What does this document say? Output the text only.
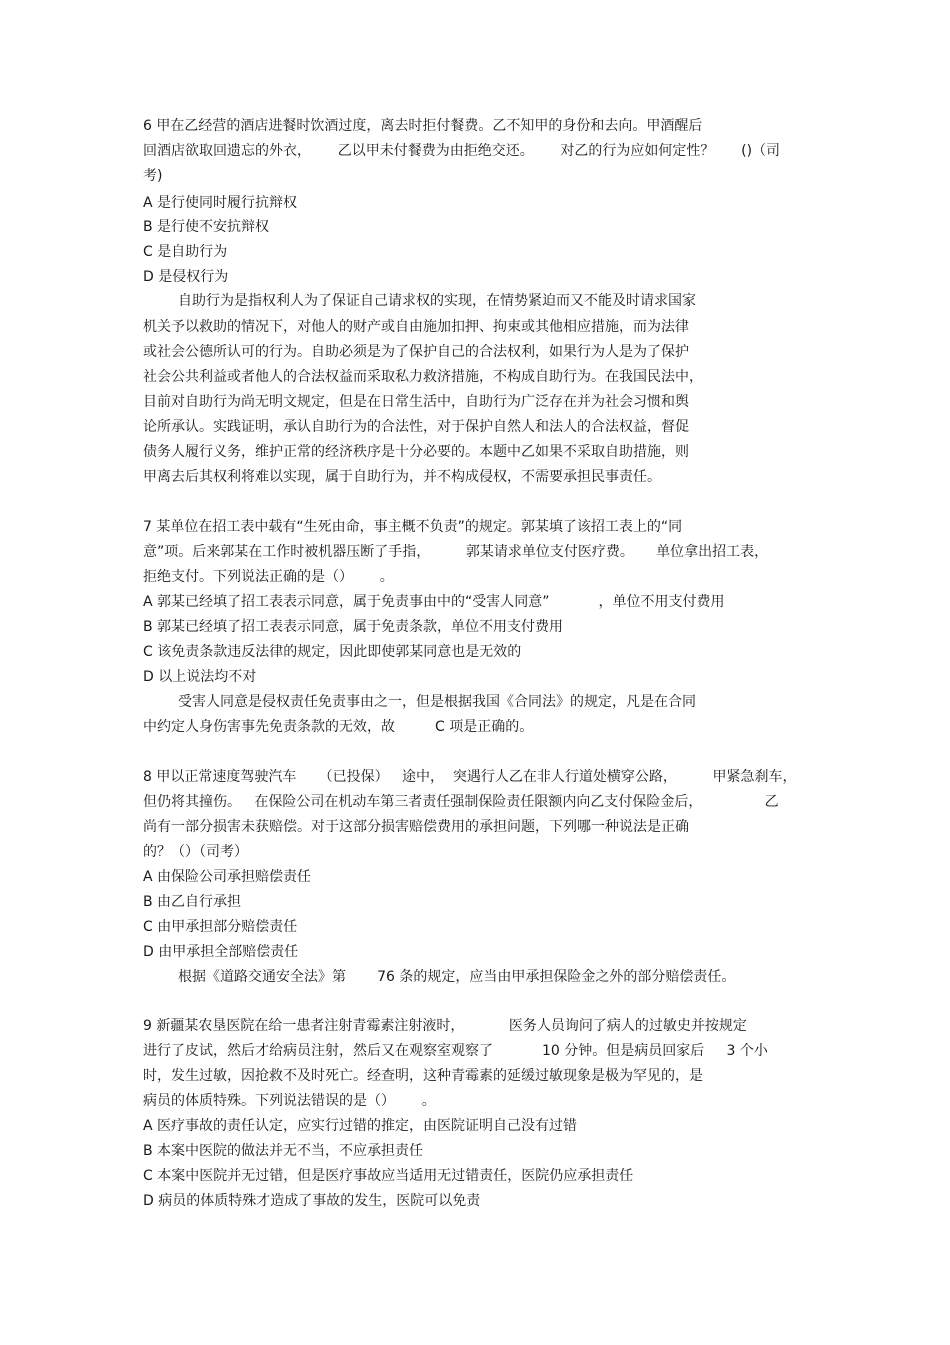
6 甲在乙经营的酒店进餐时饮酒过度，离去时拒付餐费。乙不知甲的身份和去向。甲酒醒后
回酒店欲取回遗忘的外衣，      乙以甲未付餐费为由拒绝交还。      对乙的行为应如何定性？      ()（司
考)
A 是行使同时履行抗辩权
B 是行使不安抗辩权
C 是自助行为
D 是侵权行为
自助行为是指权利人为了保证自己请求权的实现，在情势紧迫而又不能及时请求国家
机关予以救助的情况下，对他人的财产或自由施加扣押、拘束或其他相应措施，而为法律
或社会公德所认可的行为。自助必须是为了保护自己的合法权利，如果行为人是为了保护
社会公共利益或者他人的合法权益而采取私力救济措施，不构成自助行为。在我国民法中，
目前对自助行为尚无明文规定，但是在日常生活中，自助行为广泛存在并为社会习惯和舆
论所承认。实践证明，承认自助行为的合法性，对于保护自然人和法人的合法权益，督促
债务人履行义务，维护正常的经济秩序是十分必要的。本题中乙如果不采取自助措施，则
甲离去后其权利将难以实现，属于自助行为，并不构成侵权，不需要承担民事责任。
7 某单位在招工表中载有“生死由命，事主概不负责”的规定。郭某填了该招工表上的“同
意”项。后来郭某在工作时被机器压断了手指，        郭某请求单位支付医疗费。     单位拿出招工表，
拒绝支付。下列说法正确的是（）      。
A 郭某已经填了招工表表示同意，属于免责事由中的“受害人同意”           ，单位不用支付费用
B 郭某已经填了招工表表示同意，属于免责条款，单位不用支付费用
C 该免责条款违反法律的规定，因此即使郭某同意也是无效的
D 以上说法均不对
受害人同意是侵权责任免责事由之一，但是根据我国《合同法》的规定，凡是在合同
中约定人身伤害事先免责条款的无效，故         C 项是正确的。
8 甲以正常速度驾驶汽车     （已投保）   途中，  突遇行人乙在非人行道处横穿公路，        甲紧急刹车，
但仍将其撞伤。   在保险公司在机动车第三者责任强制保险责任限额内向乙支付保险金后，              乙
尚有一部分损害未获赔偿。对于这部分损害赔偿费用的承担问题，下列哪一种说法是正确
的？（）（司考）
A 由保险公司承担赔偿责任
B 由乙自行承担
C 由甲承担部分赔偿责任
D 由甲承担全部赔偿责任
根据《道路交通安全法》第       76 条的规定，应当由甲承担保险金之外的部分赔偿责任。
9 新疆某农垦医院在给一患者注射青霉素注射液时，          医务人员询问了病人的过敏史并按规定
进行了皮试，然后才给病员注射，然后又在观察室观察了           10 分钟。但是病员回家后     3 个小
时，发生过敏，因抢救不及时死亡。经查明，这种青霉素的延缓过敏现象是极为罕见的，是
病员的体质特殊。下列说法错误的是（）      。
A 医疗事故的责任认定，应实行过错的推定，由医院证明自己没有过错
B 本案中医院的做法并无不当，不应承担责任
C 本案中医院并无过错，但是医疗事故应当适用无过错责任，医院仍应承担责任
D 病员的体质特殊才造成了事故的发生，医院可以免责
